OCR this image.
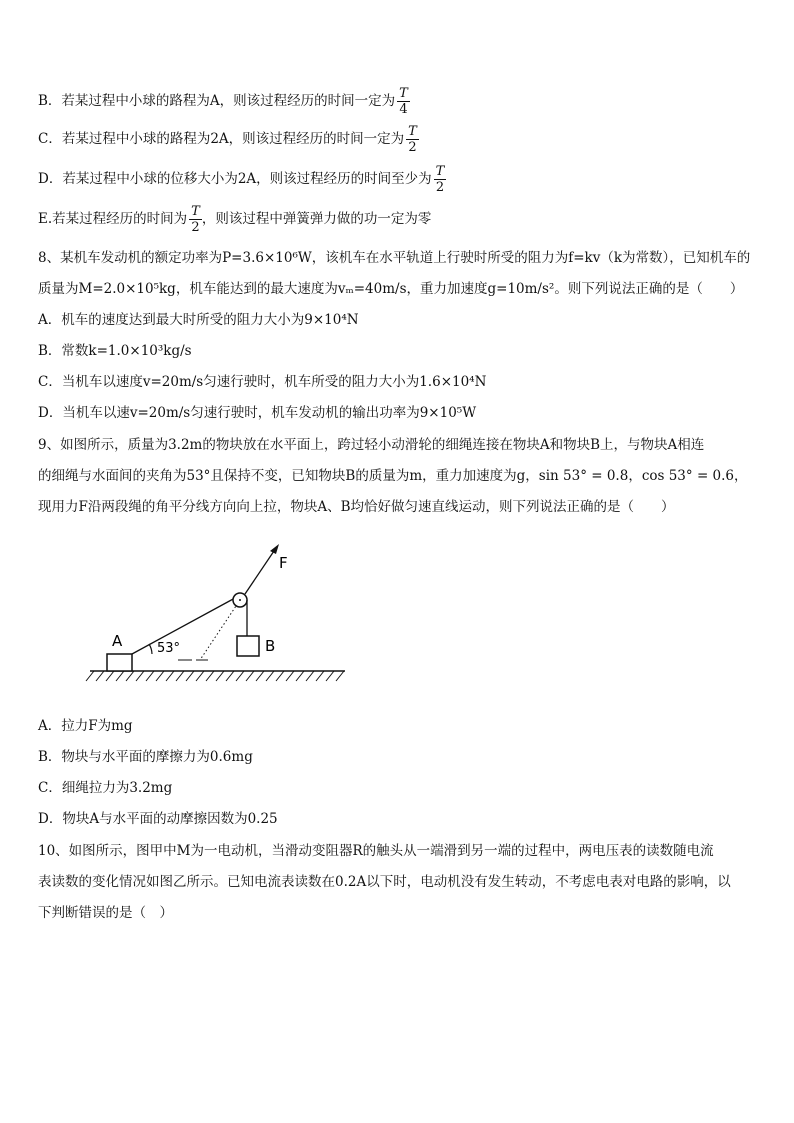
B．若某过程中小球的路程为A，则该过程经历的时间一定为 $\frac{T}{4}$
C．若某过程中小球的路程为2A，则该过程经历的时间一定为 $\frac{T}{2}$
D．若某过程中小球的位移大小为2A，则该过程经历的时间至少为 $\frac{T}{2}$
E.若某过程经历的时间为 $\frac{T}{2}$ ，则该过程中弹簧弹力做的功一定为零
8、某机车发动机的额定功率为P=3.6×10⁶W，该机车在水平轨道上行驶时所受的阻力为f=kv（k为常数），已知机车的
质量为M=2.0×10⁵kg，机车能达到的最大速度为vₘ=40m/s，重力加速度g=10m/s²。则下列说法正确的是（　　）
A．机车的速度达到最大时所受的阻力大小为9×10⁴N
B．常数k=1.0×10³kg/s
C．当机车以速度v=20m/s匀速行驶时，机车所受的阻力大小为1.6×10⁴N
D．当机车以速v=20m/s匀速行驶时，机车发动机的输出功率为9×10⁵W
9、如图所示，质量为3.2m的物块放在水平面上，跨过轻小动滑轮的细绳连接在物块A和物块B上，与物块A相连
的细绳与水面间的夹角为53°且保持不变，已知物块B的质量为m，重力加速度为g，sin 53° = 0.8，cos 53° = 0.6，
现用力F沿两段绳的角平分线方向向上拉，物块A、B均恰好做匀速直线运动，则下列说法正确的是（　　）
A	53°	B
F
A．拉力F为mg
B．物块与水平面的摩擦力为0.6mg
C．细绳拉力为3.2mg
D．物块A与水平面的动摩擦因数为0.25
10、如图所示，图甲中M为一电动机，当滑动变阻器R的触头从一端滑到另一端的过程中，两电压表的读数随电流
表读数的变化情况如图乙所示。已知电流表读数在0.2A以下时，电动机没有发生转动，不考虑电表对电路的影响，以
下判断错误的是（　）
